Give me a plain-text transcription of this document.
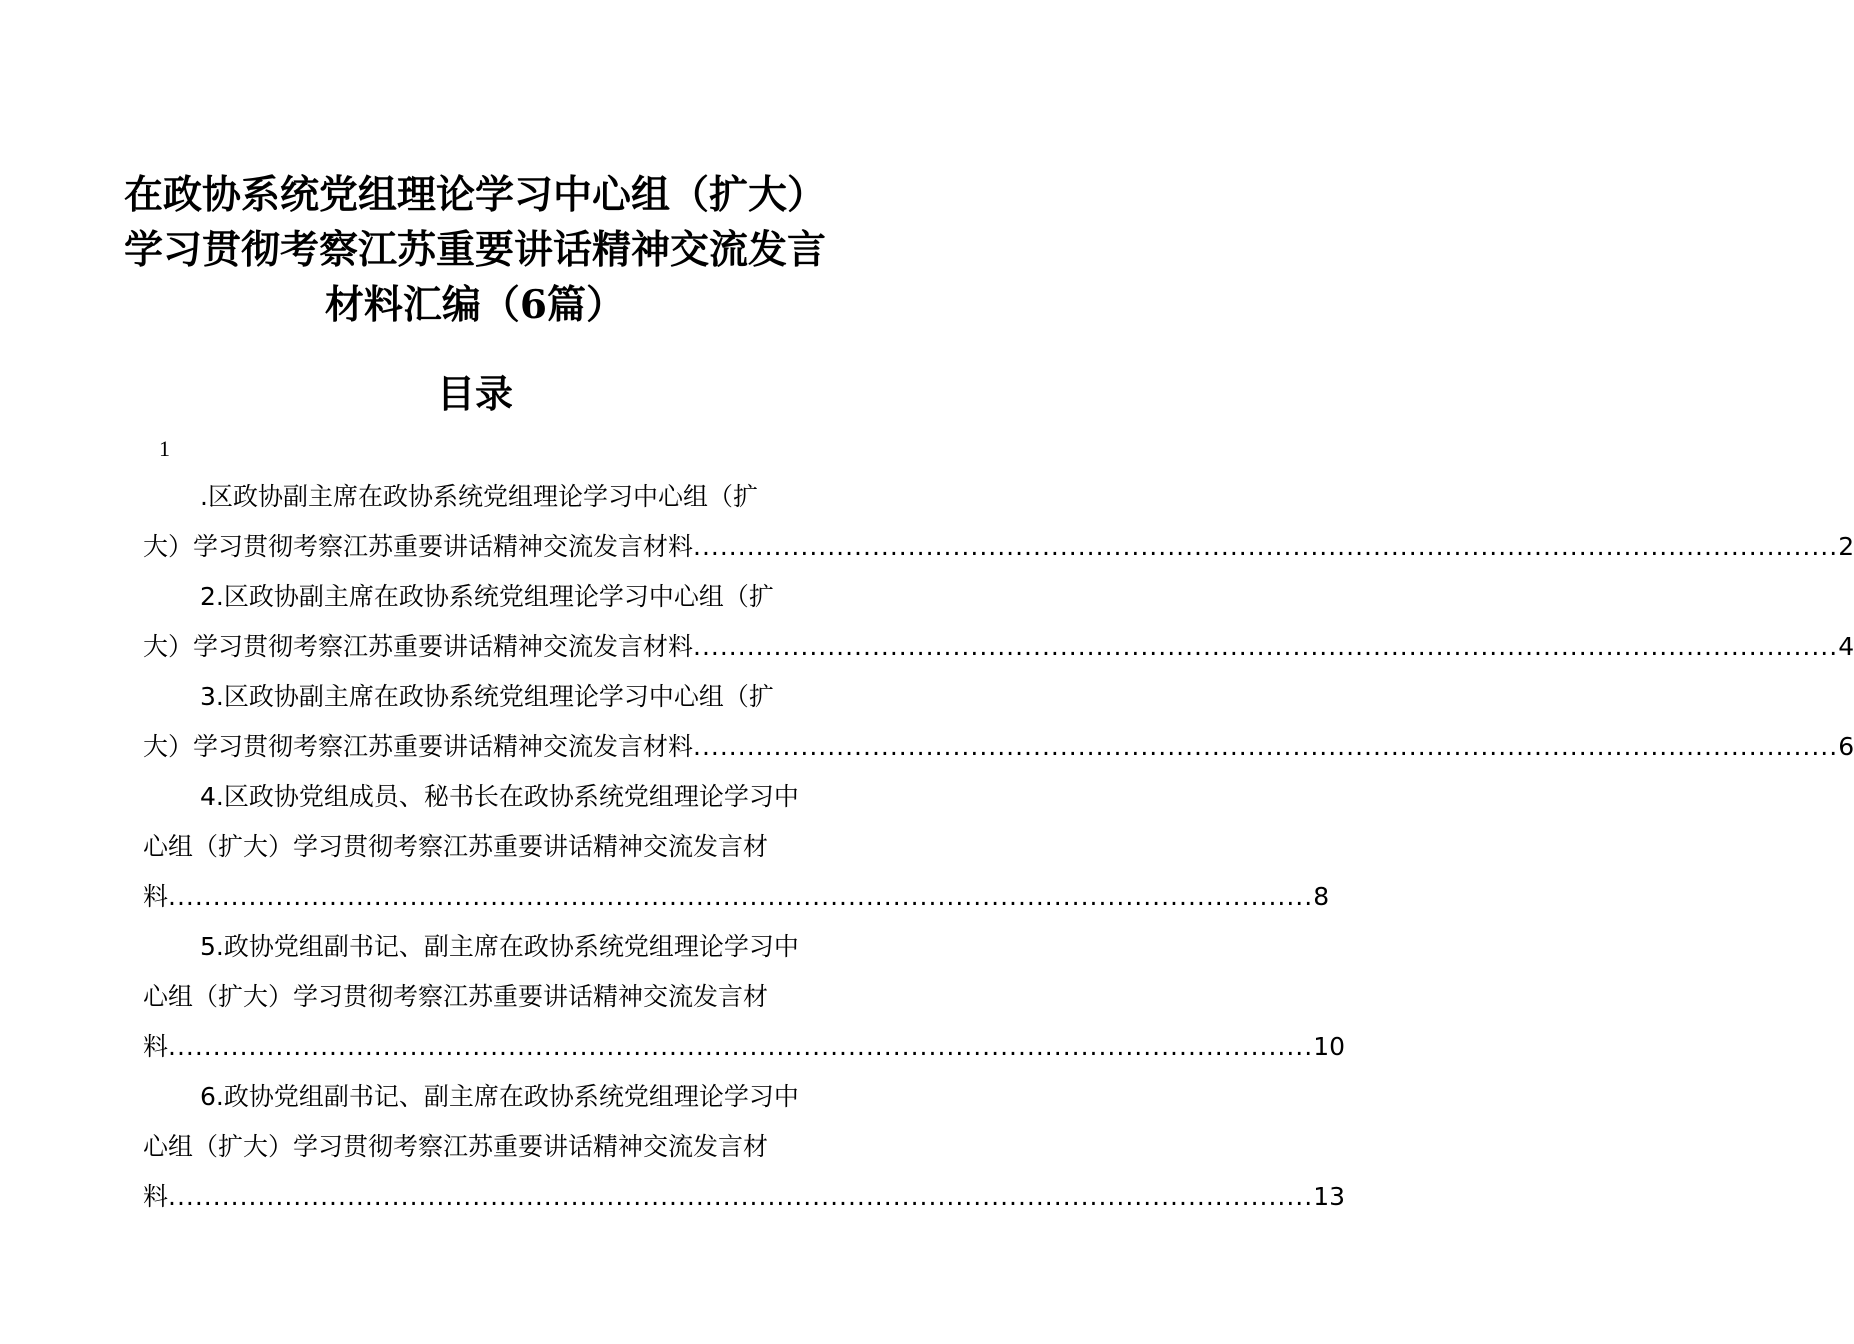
在政协系统党组理论学习中心组（扩大）
学习贯彻考察江苏重要讲话精神交流发言
材料汇编（6篇）
目录
1
.区政协副主席在政协系统党组理论学习中心组（扩
大）学习贯彻考察江苏重要讲话精神交流发言材料 ................................................................................................................................ 2
2.区政协副主席在政协系统党组理论学习中心组（扩
大）学习贯彻考察江苏重要讲话精神交流发言材料 ................................................................................................................................ 4
3.区政协副主席在政协系统党组理论学习中心组（扩
大）学习贯彻考察江苏重要讲话精神交流发言材料 ................................................................................................................................ 6
4.区政协党组成员、秘书长在政协系统党组理论学习中
心组（扩大）学习贯彻考察江苏重要讲话精神交流发言材
料 ................................................................................................................................ 8
5.政协党组副书记、副主席在政协系统党组理论学习中
心组（扩大）学习贯彻考察江苏重要讲话精神交流发言材
料 ................................................................................................................................ 10
6.政协党组副书记、副主席在政协系统党组理论学习中
心组（扩大）学习贯彻考察江苏重要讲话精神交流发言材
料 ................................................................................................................................ 13
